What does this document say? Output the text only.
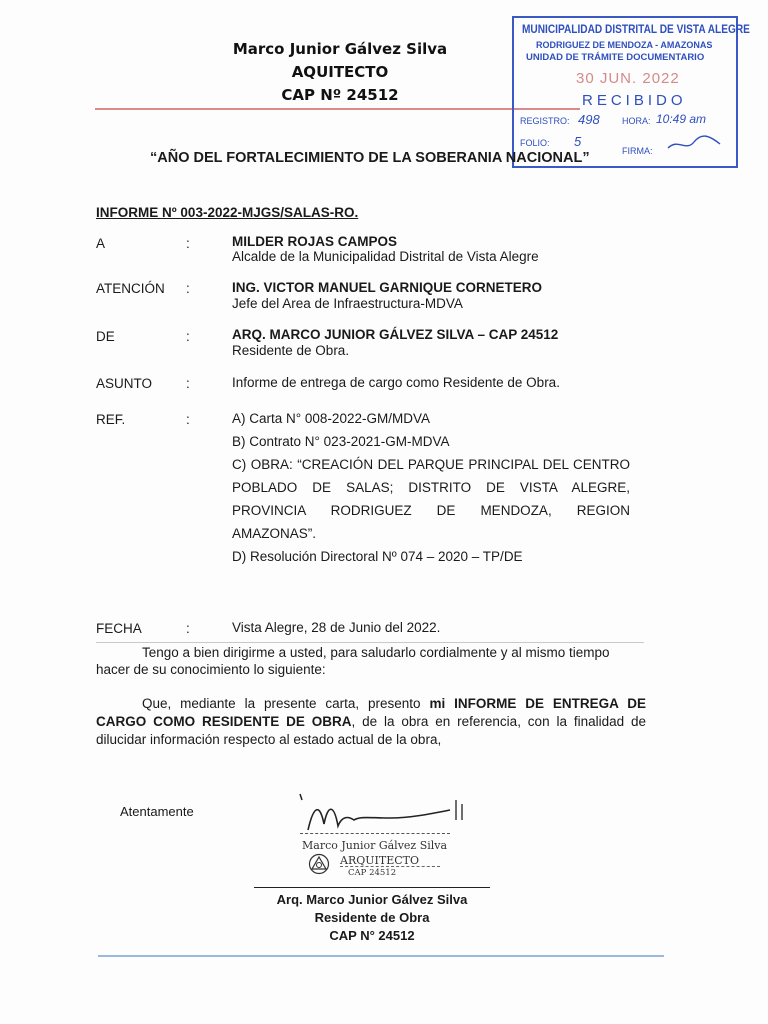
Marco Junior Gálvez Silva
AQUITECTO
CAP Nº 24512
MUNICIPALIDAD DISTRITAL DE VISTA ALEGRE
RODRIGUEZ DE MENDOZA - AMAZONAS
UNIDAD DE TRÁMITE DOCUMENTARIO
30 JUN. 2022
RECIBIDO
REGISTRO: 498 HORA: 10:49 am
FOLIO: 5
FIRMA:
“AÑO DEL FORTALECIMIENTO DE LA SOBERANIA NACIONAL”
INFORME Nº 003-2022-MJGS/SALAS-RO.
A	:	MILDER ROJAS CAMPOS
Alcalde de la Municipalidad Distrital de Vista Alegre
ATENCIÓN :	ING. VICTOR MANUEL GARNIQUE CORNETERO
Jefe del Area de Infraestructura-MDVA
DE	:	ARQ. MARCO JUNIOR GÁLVEZ SILVA – CAP 24512
Residente de Obra.
ASUNTO	:	Informe de entrega de cargo como Residente de Obra.
REF.	:	A) Carta N° 008-2022-GM/MDVA
B) Contrato N° 023-2021-GM-MDVA
C) OBRA: “CREACIÓN DEL PARQUE PRINCIPAL DEL CENTRO
POBLADO DE SALAS; DISTRITO DE VISTA ALEGRE,
PROVINCIA RODRIGUEZ DE MENDOZA, REGION
AMAZONAS”.
D) Resolución Directoral Nº 074 – 2020 – TP/DE
FECHA	:	Vista Alegre, 28 de Junio del 2022.
Tengo a bien dirigirme a usted, para saludarlo cordialmente y al mismo tiempo
hacer de su conocimiento lo siguiente:
Que, mediante la presente carta, presento mi INFORME DE ENTREGA DE
CARGO COMO RESIDENTE DE OBRA, de la obra en referencia, con la finalidad de
dilucidar información respecto al estado actual de la obra,
Atentamente
Marco Junior Gálvez Silva
ARQUITECTO
CAP 24512
Arq. Marco Junior Gálvez Silva
Residente de Obra
CAP N° 24512
